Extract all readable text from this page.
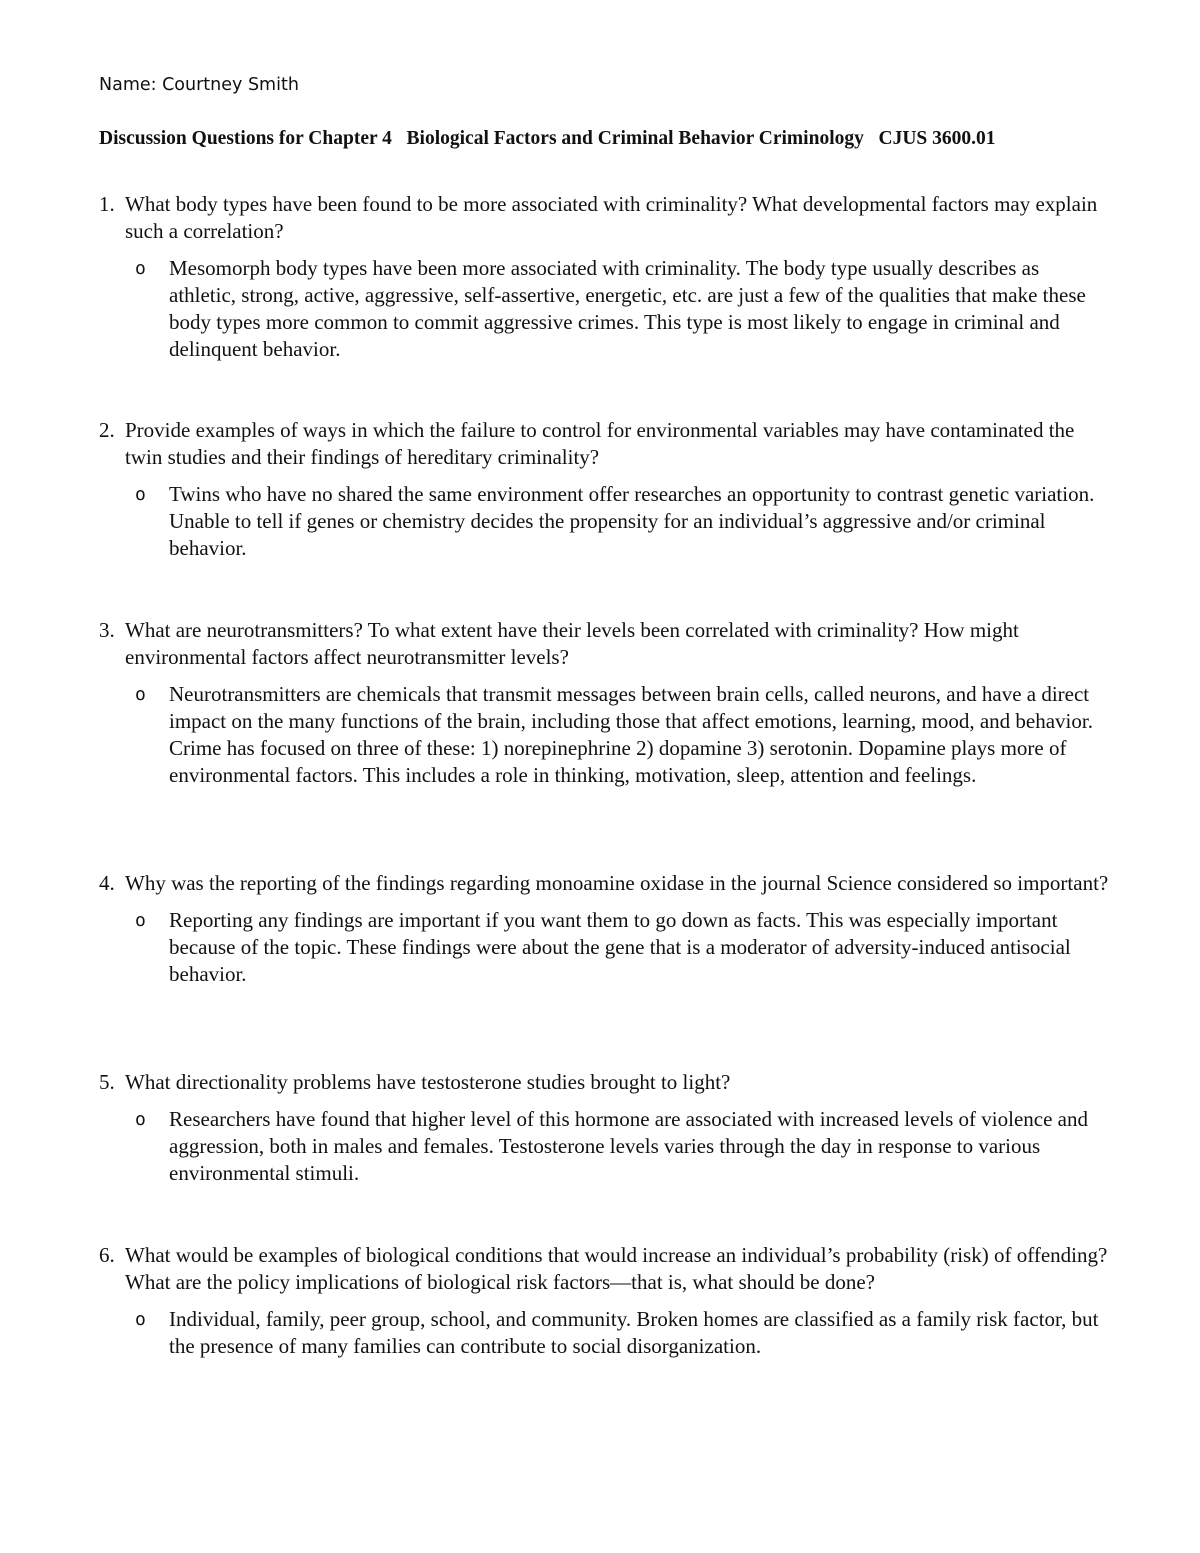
Name: Courtney Smith
Discussion Questions for Chapter 4   Biological Factors and Criminal Behavior Criminology   CJUS 3600.01
1. What body types have been found to be more associated with criminality? What developmental factors may explain such a correlation?
o Mesomorph body types have been more associated with criminality. The body type usually describes as athletic, strong, active, aggressive, self-assertive, energetic, etc. are just a few of the qualities that make these body types more common to commit aggressive crimes. This type is most likely to engage in criminal and delinquent behavior.
2. Provide examples of ways in which the failure to control for environmental variables may have contaminated the twin studies and their findings of hereditary criminality?
o Twins who have no shared the same environment offer researches an opportunity to contrast genetic variation. Unable to tell if genes or chemistry decides the propensity for an individual’s aggressive and/or criminal behavior.
3. What are neurotransmitters? To what extent have their levels been correlated with criminality? How might environmental factors affect neurotransmitter levels?
o Neurotransmitters are chemicals that transmit messages between brain cells, called neurons, and have a direct impact on the many functions of the brain, including those that affect emotions, learning, mood, and behavior. Crime has focused on three of these: 1) norepinephrine 2) dopamine 3) serotonin. Dopamine plays more of environmental factors. This includes a role in thinking, motivation, sleep, attention and feelings.
4. Why was the reporting of the findings regarding monoamine oxidase in the journal Science considered so important?
o Reporting any findings are important if you want them to go down as facts. This was especially important because of the topic. These findings were about the gene that is a moderator of adversity-induced antisocial behavior.
5. What directionality problems have testosterone studies brought to light?
o Researchers have found that higher level of this hormone are associated with increased levels of violence and aggression, both in males and females. Testosterone levels varies through the day in response to various environmental stimuli.
6. What would be examples of biological conditions that would increase an individual’s probability (risk) of offending? What are the policy implications of biological risk factors—that is, what should be done?
o Individual, family, peer group, school, and community. Broken homes are classified as a family risk factor, but the presence of many families can contribute to social disorganization.
